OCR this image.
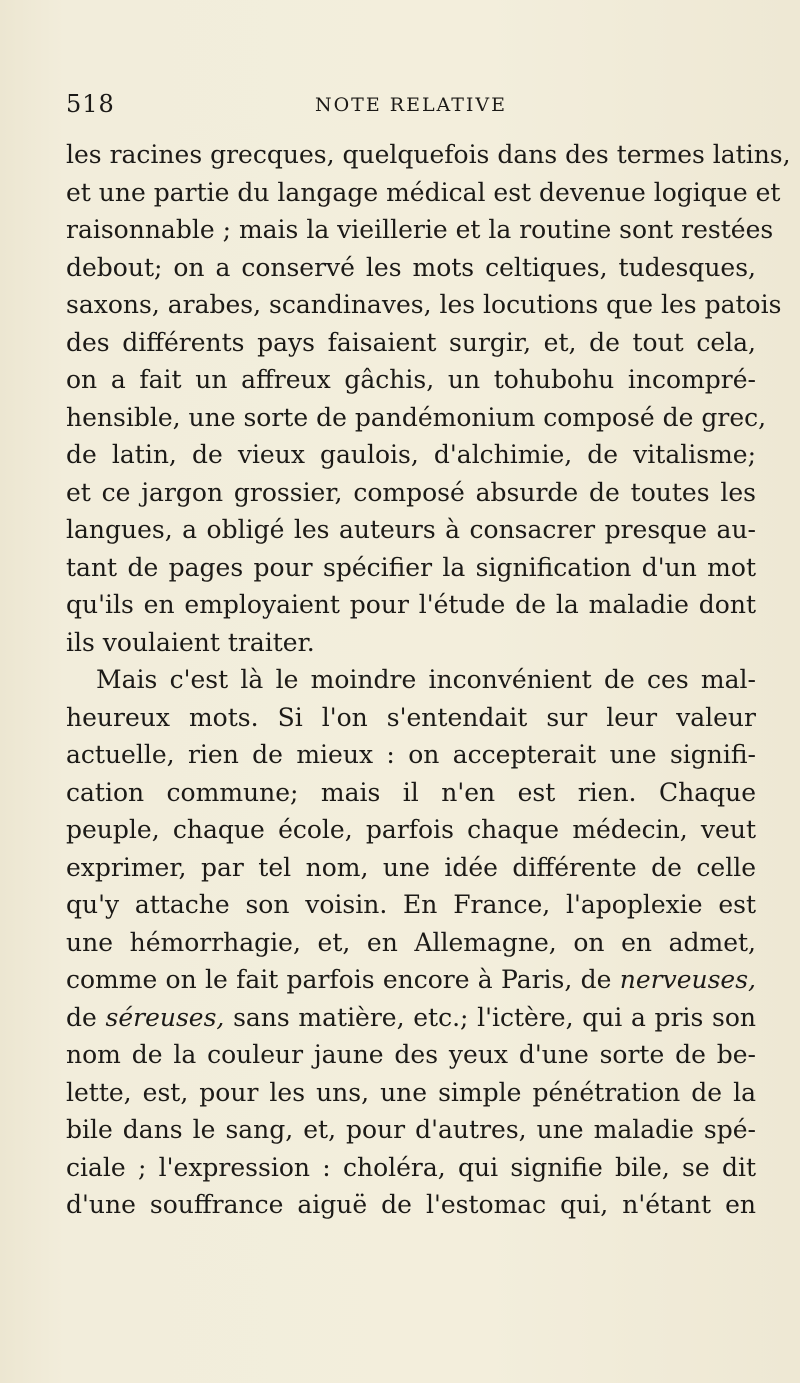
518	NOTE RELATIVE
les racines grecques, quelquefois dans des termes latins,
et une partie du langage médical est devenue logique et
raisonnable ; mais la vieillerie et la routine sont restées
debout; on a conservé les mots celtiques, tudesques,
saxons, arabes, scandinaves, les locutions que les patois
des différents pays faisaient surgir, et, de tout cela,
on a fait un affreux gâchis, un tohubohu incompré-
hensible, une sorte de pandémonium composé de grec,
de latin, de vieux gaulois, d'alchimie, de vitalisme;
et ce jargon grossier, composé absurde de toutes les
langues, a obligé les auteurs à consacrer presque au-
tant de pages pour spécifier la signification d'un mot
qu'ils en employaient pour l'étude de la maladie dont
ils voulaient traiter.
Mais c'est là le moindre inconvénient de ces mal-
heureux mots. Si l'on s'entendait sur leur valeur
actuelle, rien de mieux : on accepterait une signifi-
cation commune; mais il n'en est rien. Chaque
peuple, chaque école, parfois chaque médecin, veut
exprimer, par tel nom, une idée différente de celle
qu'y attache son voisin. En France, l'apoplexie est
une hémorrhagie, et, en Allemagne, on en admet,
comme on le fait parfois encore à Paris, de nerveuses,
de séreuses, sans matière, etc.; l'ictère, qui a pris son
nom de la couleur jaune des yeux d'une sorte de be-
lette, est, pour les uns, une simple pénétration de la
bile dans le sang, et, pour d'autres, une maladie spé-
ciale ; l'expression : choléra, qui signifie bile, se dit
d'une souffrance aiguë de l'estomac qui, n'étant en
